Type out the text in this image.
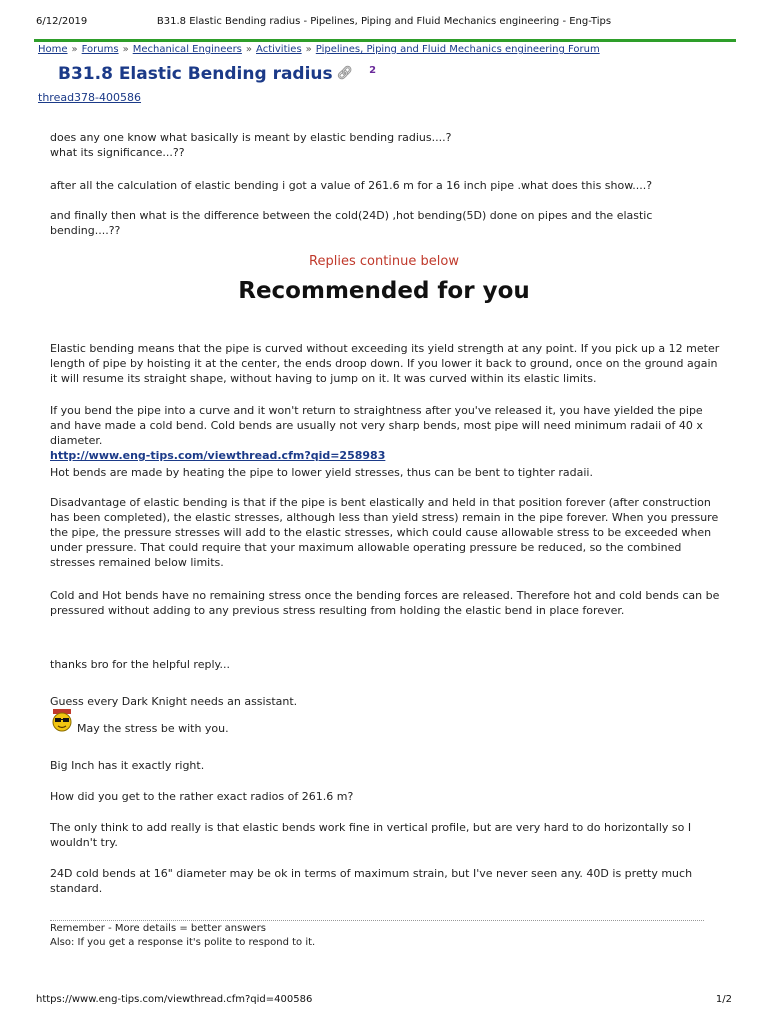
6/12/2019	B31.8 Elastic Bending radius - Pipelines, Piping and Fluid Mechanics engineering - Eng-Tips
Home » Forums » Mechanical Engineers » Activities » Pipelines, Piping and Fluid Mechanics engineering Forum
B31.8 Elastic Bending radius 🔗︎ 2
thread378-400586

does any one know what basically is meant by elastic bending radius....?
what its significance...??

after all the calculation of elastic bending i got a value of 261.6 m for a 16 inch pipe .what does this show....?

and finally then what is the difference between the cold(24D) ,hot bending(5D) done on pipes and the elastic bending....??

Replies continue below
Recommended for you

Elastic bending means that the pipe is curved without exceeding its yield strength at any point. If you pick up a 12 meter length of pipe by hoisting it at the center, the ends droop down. If you lower it back to ground, once on the ground again it will resume its straight shape, without having to jump on it. It was curved within its elastic limits.

If you bend the pipe into a curve and it won't return to straightness after you've released it, you have yielded the pipe and have made a cold bend. Cold bends are usually not very sharp bends, most pipe will need minimum radaii of 40 x diameter.
http://www.eng-tips.com/viewthread.cfm?qid=258983

Hot bends are made by heating the pipe to lower yield stresses, thus can be bent to tighter radaii.

Disadvantage of elastic bending is that if the pipe is bent elastically and held in that position forever (after construction has been completed), the elastic stresses, although less than yield stress) remain in the pipe forever. When you pressure the pipe, the pressure stresses will add to the elastic stresses, which could cause allowable stress to be exceeded when under pressure. That could require that your maximum allowable operating pressure be reduced, so the combined stresses remained below limits.

Cold and Hot bends have no remaining stress once the bending forces are released. Therefore hot and cold bends can be pressured without adding to any previous stress resulting from holding the elastic bend in place forever.

thanks bro for the helpful reply...

Guess every Dark Knight needs an assistant.

May the stress be with you.

Big Inch has it exactly right.

How did you get to the rather exact radios of 261.6 m?

The only think to add really is that elastic bends work fine in vertical profile, but are very hard to do horizontally so I wouldn't try.

24D cold bends at 16" diameter may be ok in terms of maximum strain, but I've never seen any. 40D is pretty much standard.

Remember - More details = better answers
Also: If you get a response it's polite to respond to it.
https://www.eng-tips.com/viewthread.cfm?qid=400586	1/2
